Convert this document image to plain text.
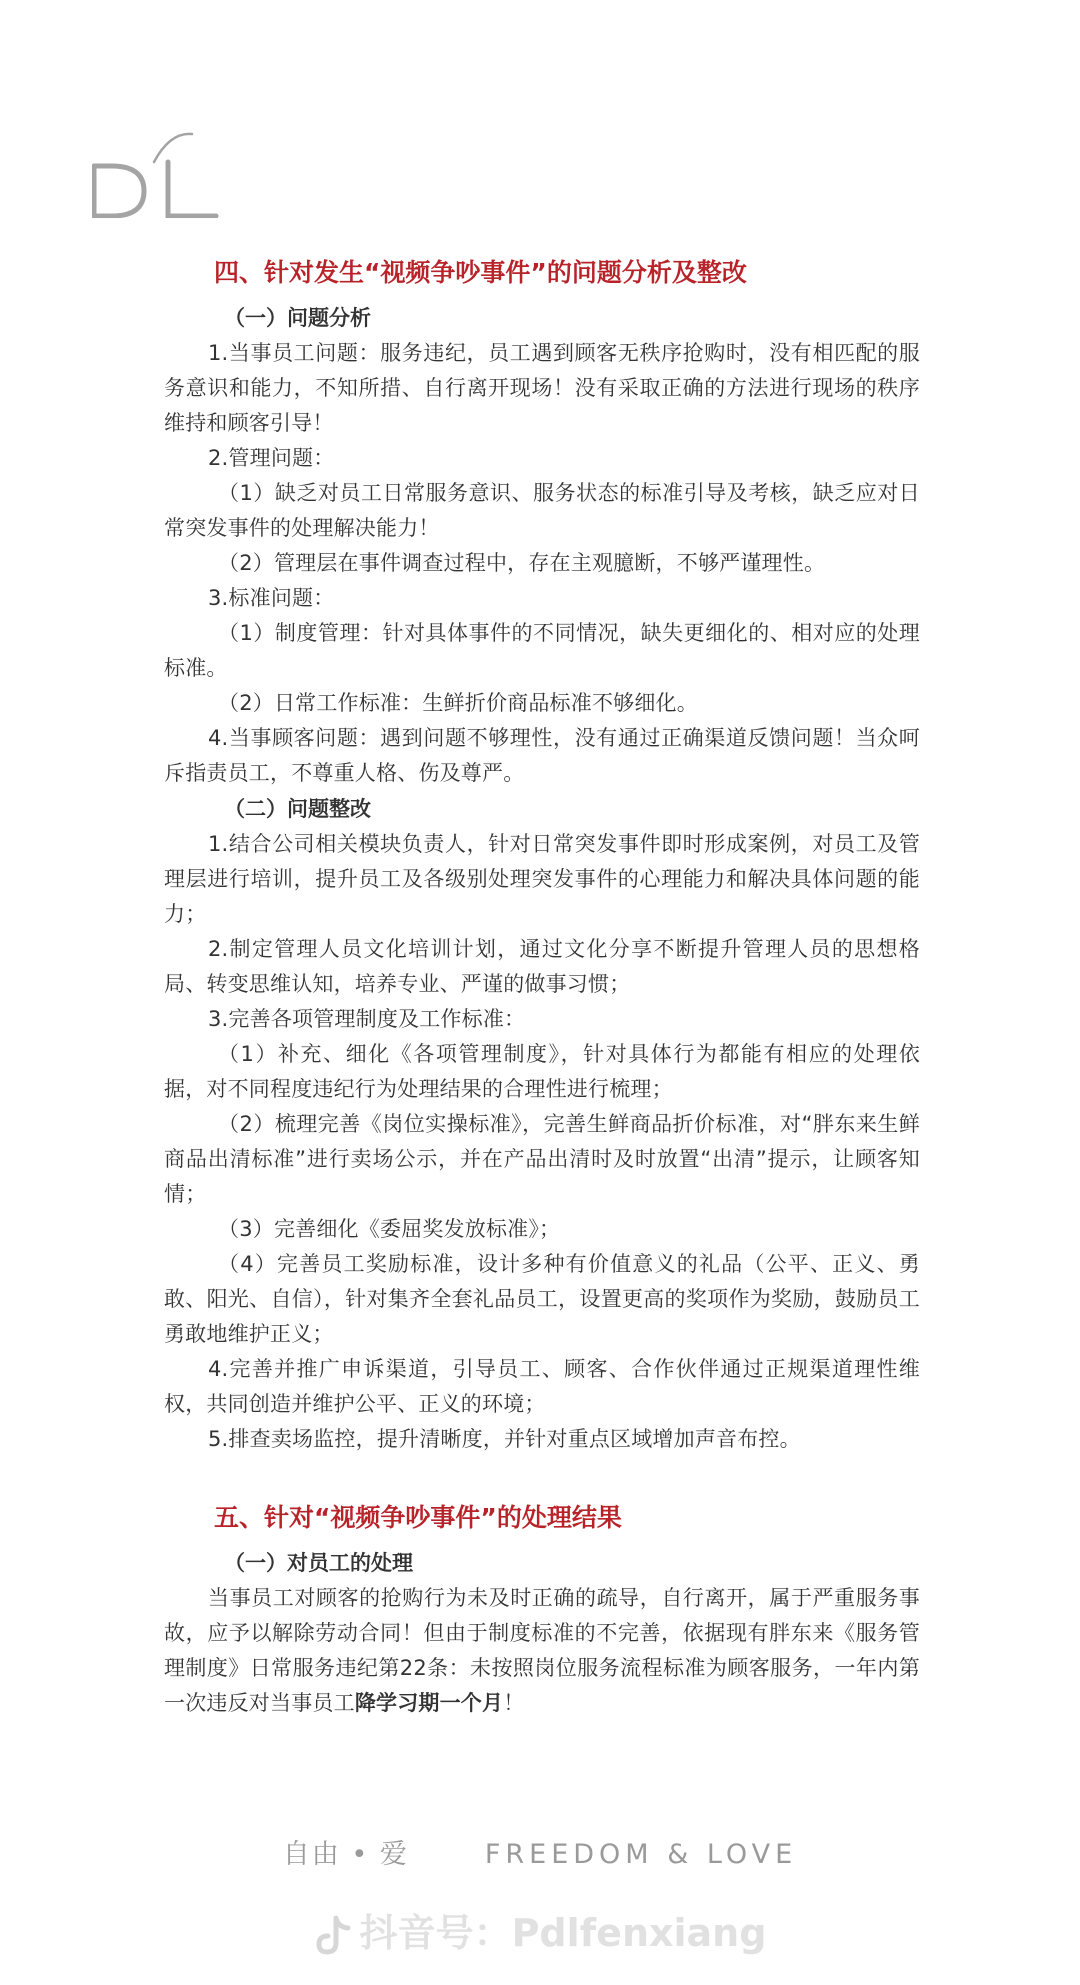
四、针对发生“视频争吵事件”的问题分析及整改
（一）问题分析

1.当事员工问题：服务违纪，员工遇到顾客无秩序抢购时，没有相匹配的服务意识和能力，不知所措、自行离开现场！没有采取正确的方法进行现场的秩序维持和顾客引导！

2.管理问题：

（1）缺乏对员工日常服务意识、服务状态的标准引导及考核，缺乏应对日常突发事件的处理解决能力！

（2）管理层在事件调查过程中，存在主观臆断，不够严谨理性。

3.标准问题：

（1）制度管理：针对具体事件的不同情况，缺失更细化的、相对应的处理标准。

（2）日常工作标准：生鲜折价商品标准不够细化。

4.当事顾客问题：遇到问题不够理性，没有通过正确渠道反馈问题！当众呵斥指责员工，不尊重人格、伤及尊严。

（二）问题整改

1.结合公司相关模块负责人，针对日常突发事件即时形成案例，对员工及管理层进行培训，提升员工及各级别处理突发事件的心理能力和解决具体问题的能力；

2.制定管理人员文化培训计划，通过文化分享不断提升管理人员的思想格局、转变思维认知，培养专业、严谨的做事习惯；

3.完善各项管理制度及工作标准：

（1）补充、细化《各项管理制度》，针对具体行为都能有相应的处理依据，对不同程度违纪行为处理结果的合理性进行梳理；

（2）梳理完善《岗位实操标准》，完善生鲜商品折价标准，对“胖东来生鲜商品出清标准”进行卖场公示，并在产品出清时及时放置“出清”提示，让顾客知情；

（3）完善细化《委屈奖发放标准》；

（4）完善员工奖励标准，设计多种有价值意义的礼品（公平、正义、勇敢、阳光、自信），针对集齐全套礼品员工，设置更高的奖项作为奖励，鼓励员工勇敢地维护正义；

4.完善并推广申诉渠道，引导员工、顾客、合作伙伴通过正规渠道理性维权，共同创造并维护公平、正义的环境；

5.排查卖场监控，提升清晰度，并针对重点区域增加声音布控。

五、针对“视频争吵事件”的处理结果
（一）对员工的处理

当事员工对顾客的抢购行为未及时正确的疏导，自行离开，属于严重服务事故，应予以解除劳动合同！但由于制度标准的不完善，依据现有胖东来《服务管理制度》日常服务违纪第22条：未按照岗位服务流程标准为顾客服务，一年内第一次违反对当事员工降学习期一个月！

自由 • 爱	FREEDOM & LOVE
抖音号：Pdlfenxiang
